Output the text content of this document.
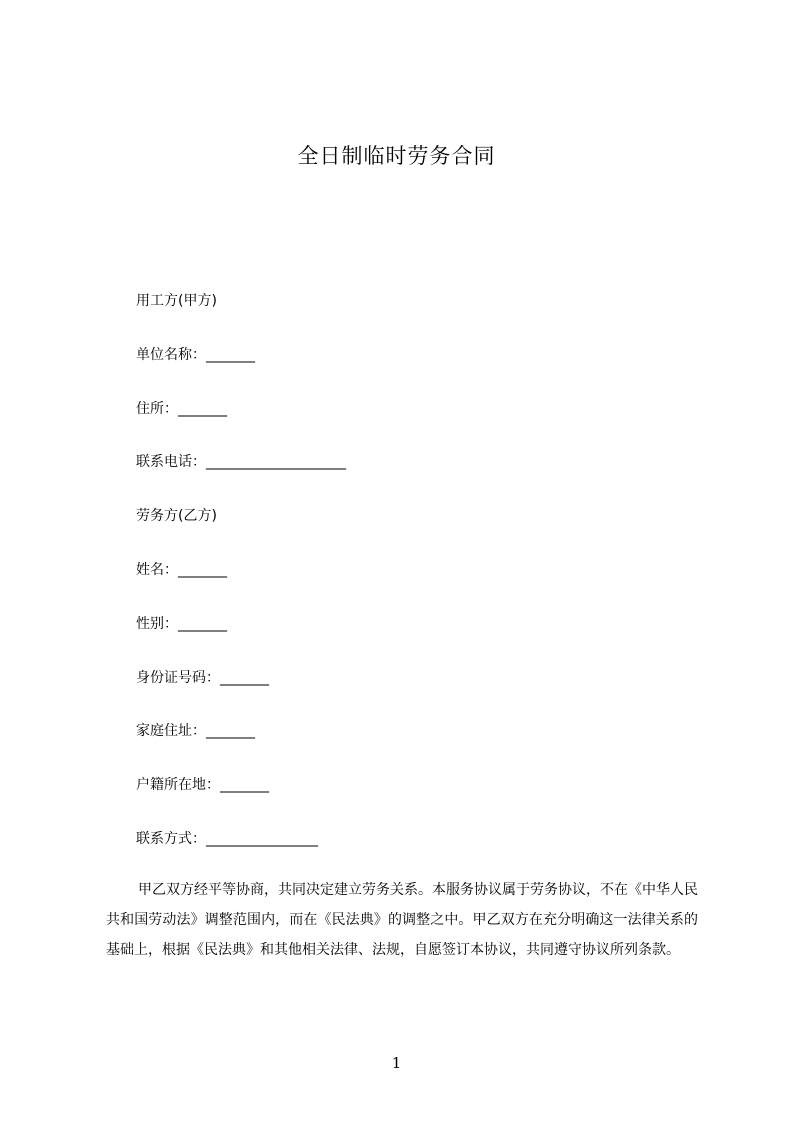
全日制临时劳务合同
用工方(甲方)
单位名称：_______
住所：_______
联系电话：____________________
劳务方(乙方)
姓名：_______
性别：_______
身份证号码：_______
家庭住址：_______
户籍所在地：_______
联系方式：________________

甲乙双方经平等协商，共同决定建立劳务关系。本服务协议属于劳务协议，不在《中华人民共和国劳动法》调整范围内，而在《民法典》的调整之中。甲乙双方在充分明确这一法律关系的基础上，根据《民法典》和其他相关法律、法规，自愿签订本协议，共同遵守协议所列条款。

1
